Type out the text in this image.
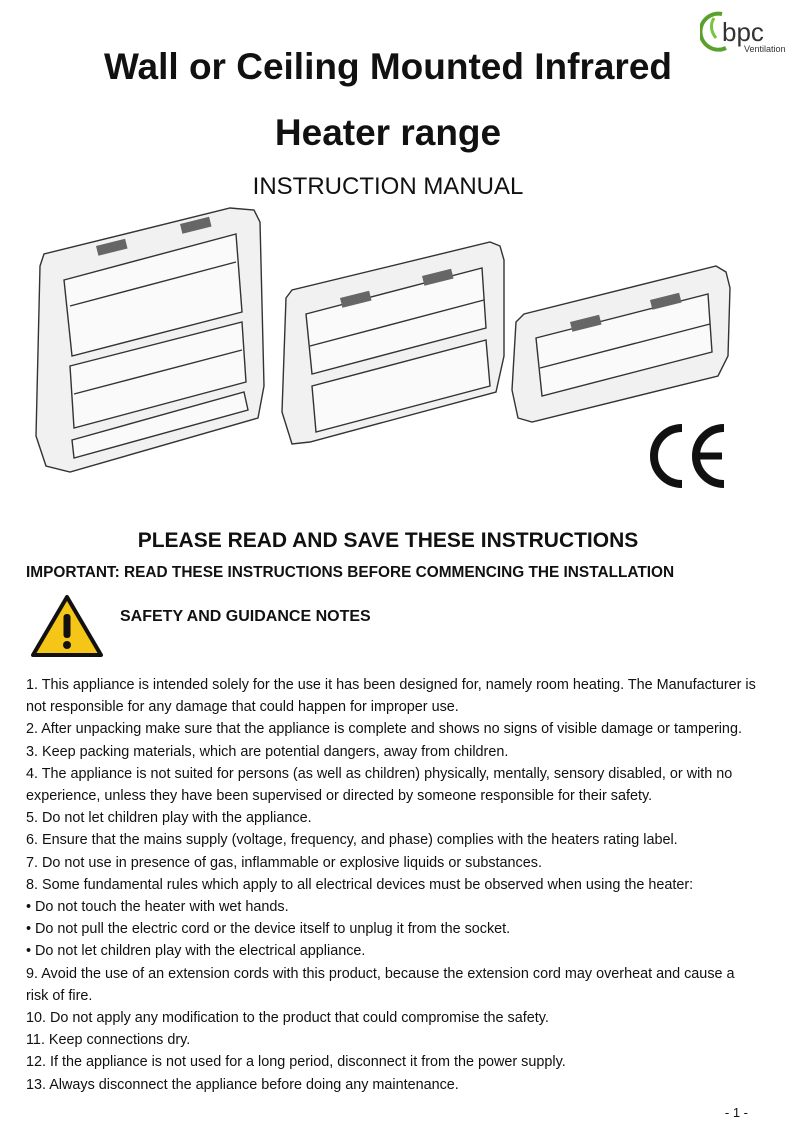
bpc
Ventilation
Wall or Ceiling Mounted Infrared
Heater range
INSTRUCTION MANUAL
PLEASE READ AND SAVE THESE INSTRUCTIONS
IMPORTANT: READ THESE INSTRUCTIONS BEFORE COMMENCING THE INSTALLATION
SAFETY AND GUIDANCE NOTES

1. This appliance is intended solely for the use it has been designed for, namely room heating. The Manufacturer is not responsible for any damage that could happen for improper use.

2. After unpacking make sure that the appliance is complete and shows no signs of visible damage or tampering.

3. Keep packing materials, which are potential dangers, away from children.

4. The appliance is not suited for persons (as well as children) physically, mentally, sensory disabled, or with no experience, unless they have been supervised or directed by someone responsible for their safety.

5. Do not let children play with the appliance.

6. Ensure that the mains supply (voltage, frequency, and phase) complies with the heaters rating label.

7. Do not use in presence of gas, inflammable or explosive liquids or substances.

8. Some fundamental rules which apply to all electrical devices must be observed when using the heater:

• Do not touch the heater with wet hands.

• Do not pull the electric cord or the device itself to unplug it from the socket.

• Do not let children play with the electrical appliance.

9. Avoid the use of an extension cords with this product, because the extension cord may overheat and cause a risk of fire.

10. Do not apply any modification to the product that could compromise the safety.

11. Keep connections dry.

12. If the appliance is not used for a long period, disconnect it from the power supply.

13. Always disconnect the appliance before doing any maintenance.

- 1 -
